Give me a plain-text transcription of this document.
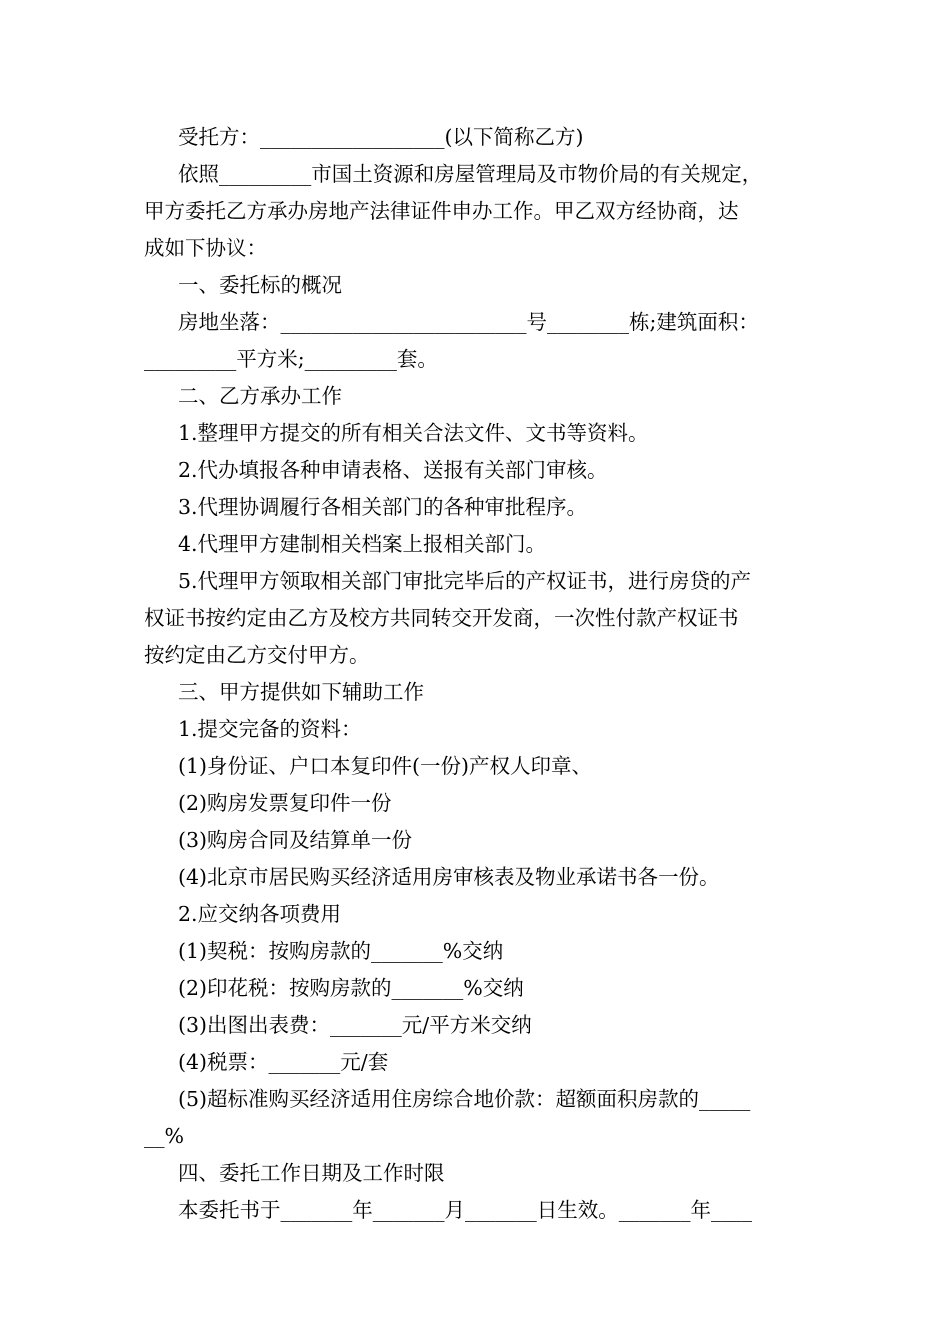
受托方：__________________(以下简称乙方)
依照_________市国土资源和房屋管理局及市物价局的有关规定，
甲方委托乙方承办房地产法律证件申办工作。甲乙双方经协商，达
成如下协议：
一、委托标的概况
房地坐落：________________________号________栋;建筑面积：
_________平方米;_________套。
二、乙方承办工作
1.整理甲方提交的所有相关合法文件、文书等资料。
2.代办填报各种申请表格、送报有关部门审核。
3.代理协调履行各相关部门的各种审批程序。
4.代理甲方建制相关档案上报相关部门。
5.代理甲方领取相关部门审批完毕后的产权证书，进行房贷的产
权证书按约定由乙方及校方共同转交开发商，一次性付款产权证书
按约定由乙方交付甲方。
三、甲方提供如下辅助工作
1.提交完备的资料：
(1)身份证、户口本复印件(一份)产权人印章、
(2)购房发票复印件一份
(3)购房合同及结算单一份
(4)北京市居民购买经济适用房审核表及物业承诺书各一份。
2.应交纳各项费用
(1)契税：按购房款的_______%交纳
(2)印花税：按购房款的_______%交纳
(3)出图出表费：_______元/平方米交纳
(4)税票：_______元/套
(5)超标准购买经济适用住房综合地价款：超额面积房款的_____
__%
四、委托工作日期及工作时限
本委托书于_______年_______月_______日生效。_______年____
